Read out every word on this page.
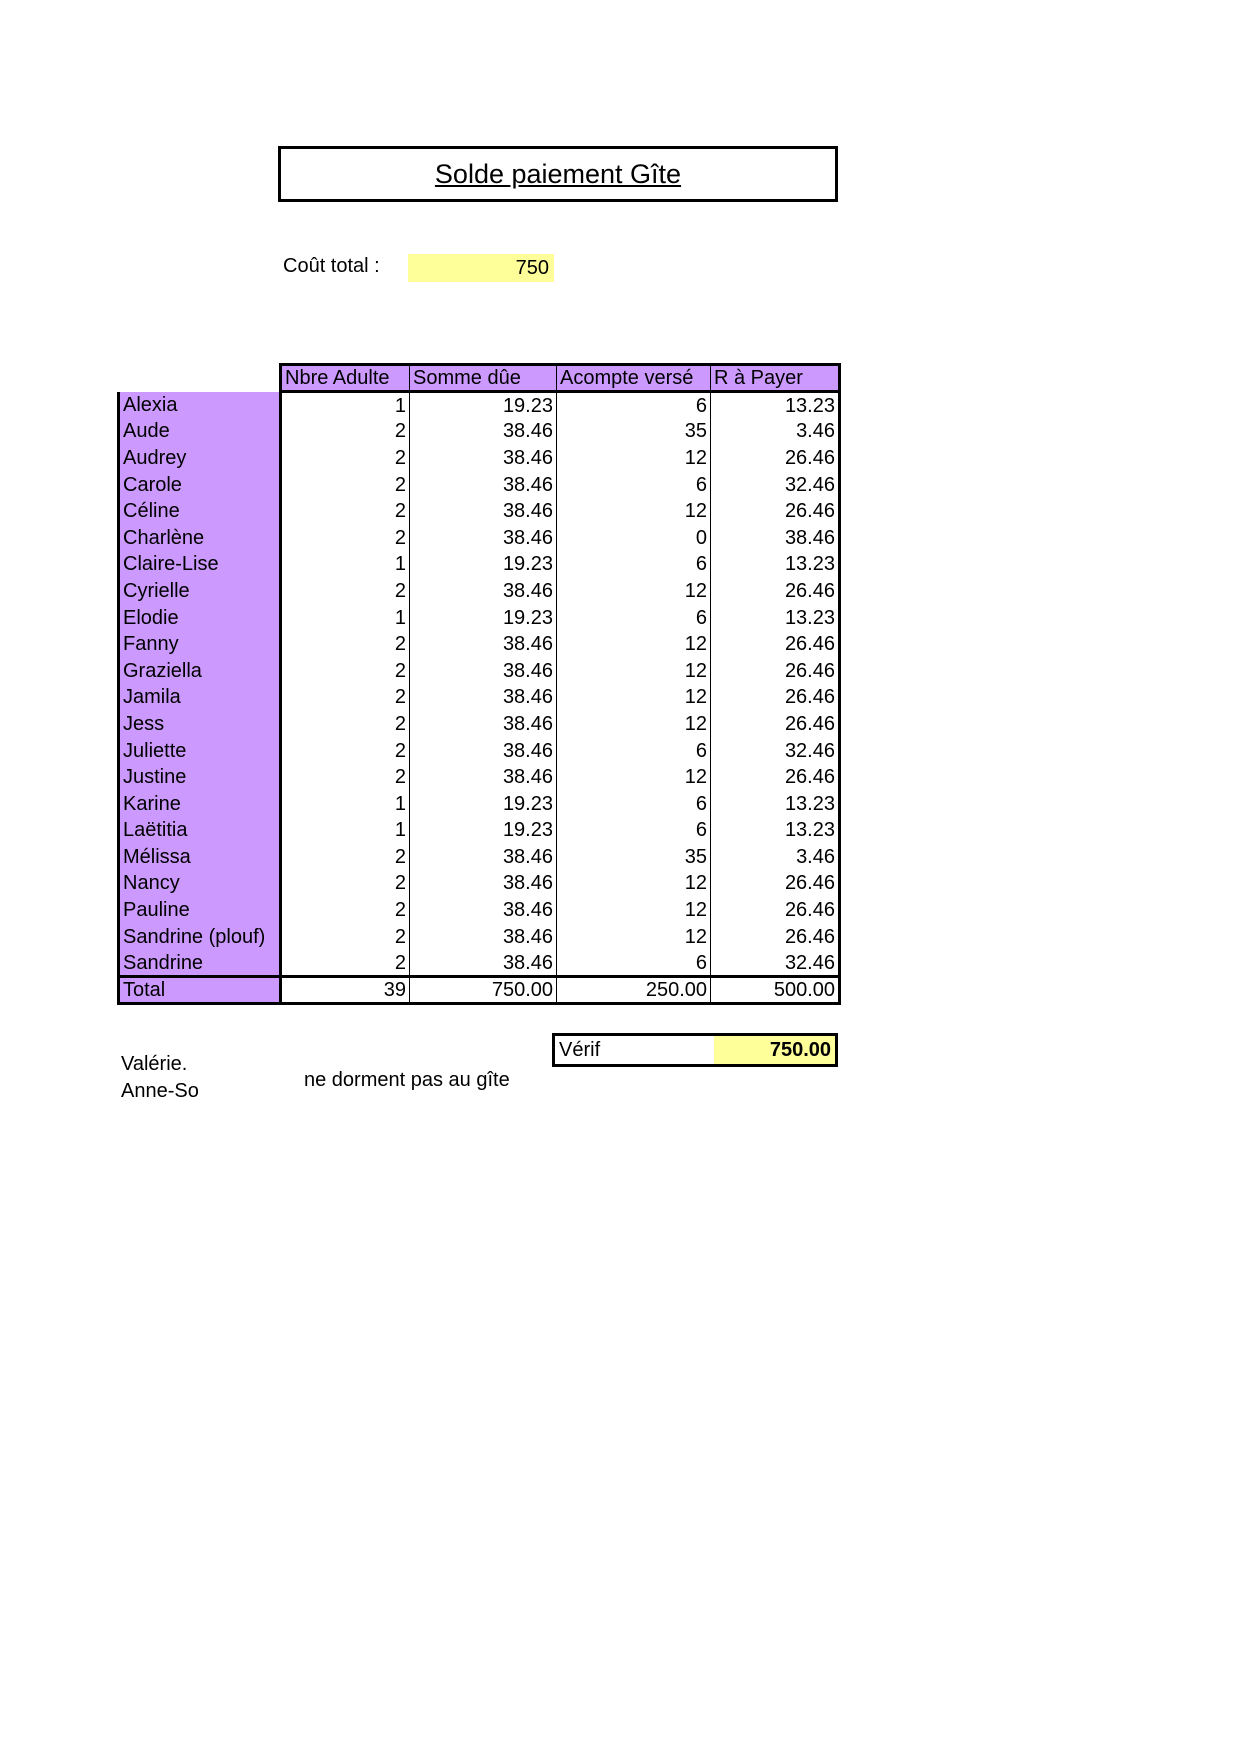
Solde paiement Gîte
Coût total :	750
	Nbre Adulte	Somme dûe	Acompte versé	R à Payer
Alexia	1	19.23	6	13.23
Aude	2	38.46	35	3.46
Audrey	2	38.46	12	26.46
Carole	2	38.46	6	32.46
Céline	2	38.46	12	26.46
Charlène	2	38.46	0	38.46
Claire-Lise	1	19.23	6	13.23
Cyrielle	2	38.46	12	26.46
Elodie	1	19.23	6	13.23
Fanny	2	38.46	12	26.46
Graziella	2	38.46	12	26.46
Jamila	2	38.46	12	26.46
Jess	2	38.46	12	26.46
Juliette	2	38.46	6	32.46
Justine	2	38.46	12	26.46
Karine	1	19.23	6	13.23
Laëtitia	1	19.23	6	13.23
Mélissa	2	38.46	35	3.46
Nancy	2	38.46	12	26.46
Pauline	2	38.46	12	26.46
Sandrine (plouf)	2	38.46	12	26.46
Sandrine	2	38.46	6	32.46
Total	39	750.00	250.00	500.00
Vérif	750.00
Valérie.
Anne-So	ne dorment pas au gîte
